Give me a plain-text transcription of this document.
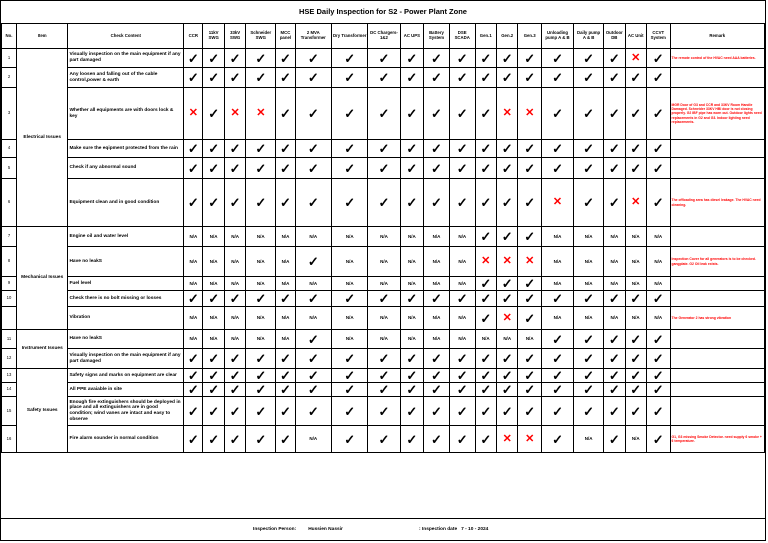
HSE Daily Inspection for S2 - Power Plant Zone
No.	Item	Check Content	CCR	11kV SWG	33kV SWG	Schneider SWG	MCC panel	2 MVA Transformer	Dry Transformer	DC Chargers-1&2	AC UPS	Battery System	DSE SCADA	Gen.1	Gen.2	Gen.3	Unloading pump A & B	Daily pump A & B	Outdoor DB	AC Unit	CCVT System	Remark
1	Electrical Issues	Visually inspection on the main equipment if any part damaged	✓	✓	✓	✓	✓	✓	✓	✓	✓	✓	✓	✓	✓	✓	✓	✓	✓	✕	✓	The remote control of the HVAC need AAA batteries.
2		Any loosen and falling out of the cable control,power & earth	✓	✓	✓	✓	✓	✓	✓	✓	✓	✓	✓	✓	✓	✓	✓	✓	✓	✓	✓	
3		Whether all equipments are with doors lock & key	✕	✓	✕	✕	✓	✓	✓	✓	✓	✓	✓	✓	✕	✕	✓	✓	✓	✓	✓	MGR Door of G3 and CCR and 33KV Room Handle Damaged. Schneider 33KV HBI door is not closing properly. G2 IBF pipe has worn out. Outdoor lights need replacements in G2 and G3. Indoor lighting need replacements.
4		Make sure the eqipment protected from the rain	✓	✓	✓	✓	✓	✓	✓	✓	✓	✓	✓	✓	✓	✓	✓	✓	✓	✓	✓	
5		Check if any abnormal sound	✓	✓	✓	✓	✓	✓	✓	✓	✓	✓	✓	✓	✓	✓	✓	✓	✓	✓	✓	
6		Equipment clean and in good condition	✓	✓	✓	✓	✓	✓	✓	✓	✓	✓	✓	✓	✓	✓	✕	✓	✓	✕	✓	The offloading area has diesel leakage. The HVAC need cleaning.
7	Mechanical Issues	Engine oil and water level	N/A	N/A	N/A	N/A	N/A	N/A	N/A	N/A	N/A	N/A	N/A	✓	✓	✓	N/A	N/A	N/A	N/A	N/A	
8		Have no leakS	N/A	N/A	N/A	N/A	N/A	✓	N/A	N/A	N/A	N/A	N/A	✕	✕	✕	N/A	N/A	N/A	N/A	N/A	Inspection Cover for all generators is to be checked. gangplate. G2 Oil leak exists.
9		Fuel level	N/A	N/A	N/A	N/A	N/A	N/A	N/A	N/A	N/A	N/A	N/A	✓	✓	✓	N/A	N/A	N/A	N/A	N/A	
10		Check there is no bolt missing or losses	✓	✓	✓	✓	✓	✓	✓	✓	✓	✓	✓	✓	✓	✓	✓	✓	✓	✓	✓	
		Vibration	N/A	N/A	N/A	N/A	N/A	N/A	N/A	N/A	N/A	N/A	N/A	✓	✕	✓	N/A	N/A	N/A	N/A	N/A	The Generator 2 has strong vibration
11	Instrument Issues	Have no leakS	N/A	N/A	N/A	N/A	N/A	✓	N/A	N/A	N/A	N/A	N/A	N/A	N/A	N/A	✓	✓	✓	✓	✓	
12		Visually inspection on the main equipment if any part damaged	✓	✓	✓	✓	✓	✓	✓	✓	✓	✓	✓	✓	✓	✓	✓	✓	✓	✓	✓	
13	Safety Issues	Safety signs and marks on equipment are clear	✓	✓	✓	✓	✓	✓	✓	✓	✓	✓	✓	✓	✓	✓	✓	✓	✓	✓	✓	
14		All PPE avaiable in site	✓	✓	✓	✓	✓	✓	✓	✓	✓	✓	✓	✓	✓	✓	✓	✓	✓	✓	✓	
15		Enough fire extinguishers should be deployed in place and all extinguishers are in good condition; wind vanes are intact and easy to observe	✓	✓	✓	✓	✓	✓	✓	✓	✓	✓	✓	✓	✓	✓	✓	✓	✓	✓	✓	
16		Fire alarm sounder in normal condition	✓	✓	✓	✓	✓	N/A	✓	✓	✓	✓	✓	✓	✕	✕	✓	N/A	✓	N/A	✓	G1, G3 missing Smoke Detector. need supply 6 smoke + 6 temperature.
Inspection Person:	Hussien Nassir	: Inspection date 7 - 10 - 2024
